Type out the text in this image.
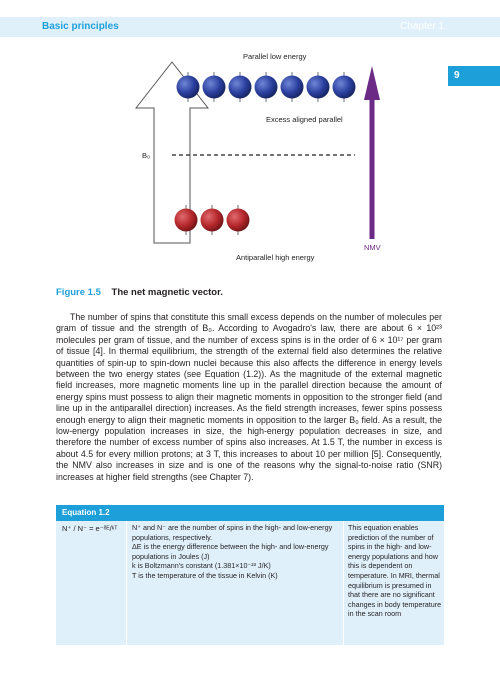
Basic principles	Chapter 1
9
Parallel low energy
Excess aligned parallel
Antiparallel high energy
B₀
NMV
Figure 1.5 The net magnetic vector.
The number of spins that constitute this small excess depends on the number of molecules per gram of tissue and the strength of B₀. According to Avogadro's law, there are about 6 × 10²³ molecules per gram of tissue, and the number of excess spins is in the order of 6 × 10¹⁷ per gram of tissue [4]. In thermal equilibrium, the strength of the external field also determines the relative quantities of spin-up to spin-down nuclei because this also affects the difference in energy levels between the two energy states (see Equation (1.2)). As the magnitude of the external magnetic field increases, more magnetic moments line up in the parallel direction because the amount of energy spins must possess to align their magnetic moments in opposition to the stronger field (and line up in the antiparallel direction) increases. As the field strength increases, fewer spins possess enough energy to align their magnetic moments in opposition to the larger B₀ field. As a result, the low-energy population increases in size, the high-energy population decreases in size, and therefore the number of excess number of spins also increases. At 1.5 T, the number in excess is about 4.5 for every million protons; at 3 T, this increases to about 10 per million [5]. Consequently, the NMV also increases in size and is one of the reasons why the signal-to-noise ratio (SNR) increases at higher field strengths (see Chapter 7).
Equation 1.2
N⁺ / N⁻ = e⁻ᵟᴱ/ᵏᵀ N⁺ and N⁻ are the number of spins in the high- and low-energy populations, respectively.
ΔE is the energy difference between the high- and low-energy populations in Joules (J)
k is Boltzmann's constant (1.381×10⁻²³ J/K)
T is the temperature of the tissue in Kelvin (K)
This equation enables prediction of the number of spins in the high- and low-energy populations and how this is dependent on temperature. In MRI, thermal equilibrium is presumed in that there are no significant changes in body temperature in the scan room
